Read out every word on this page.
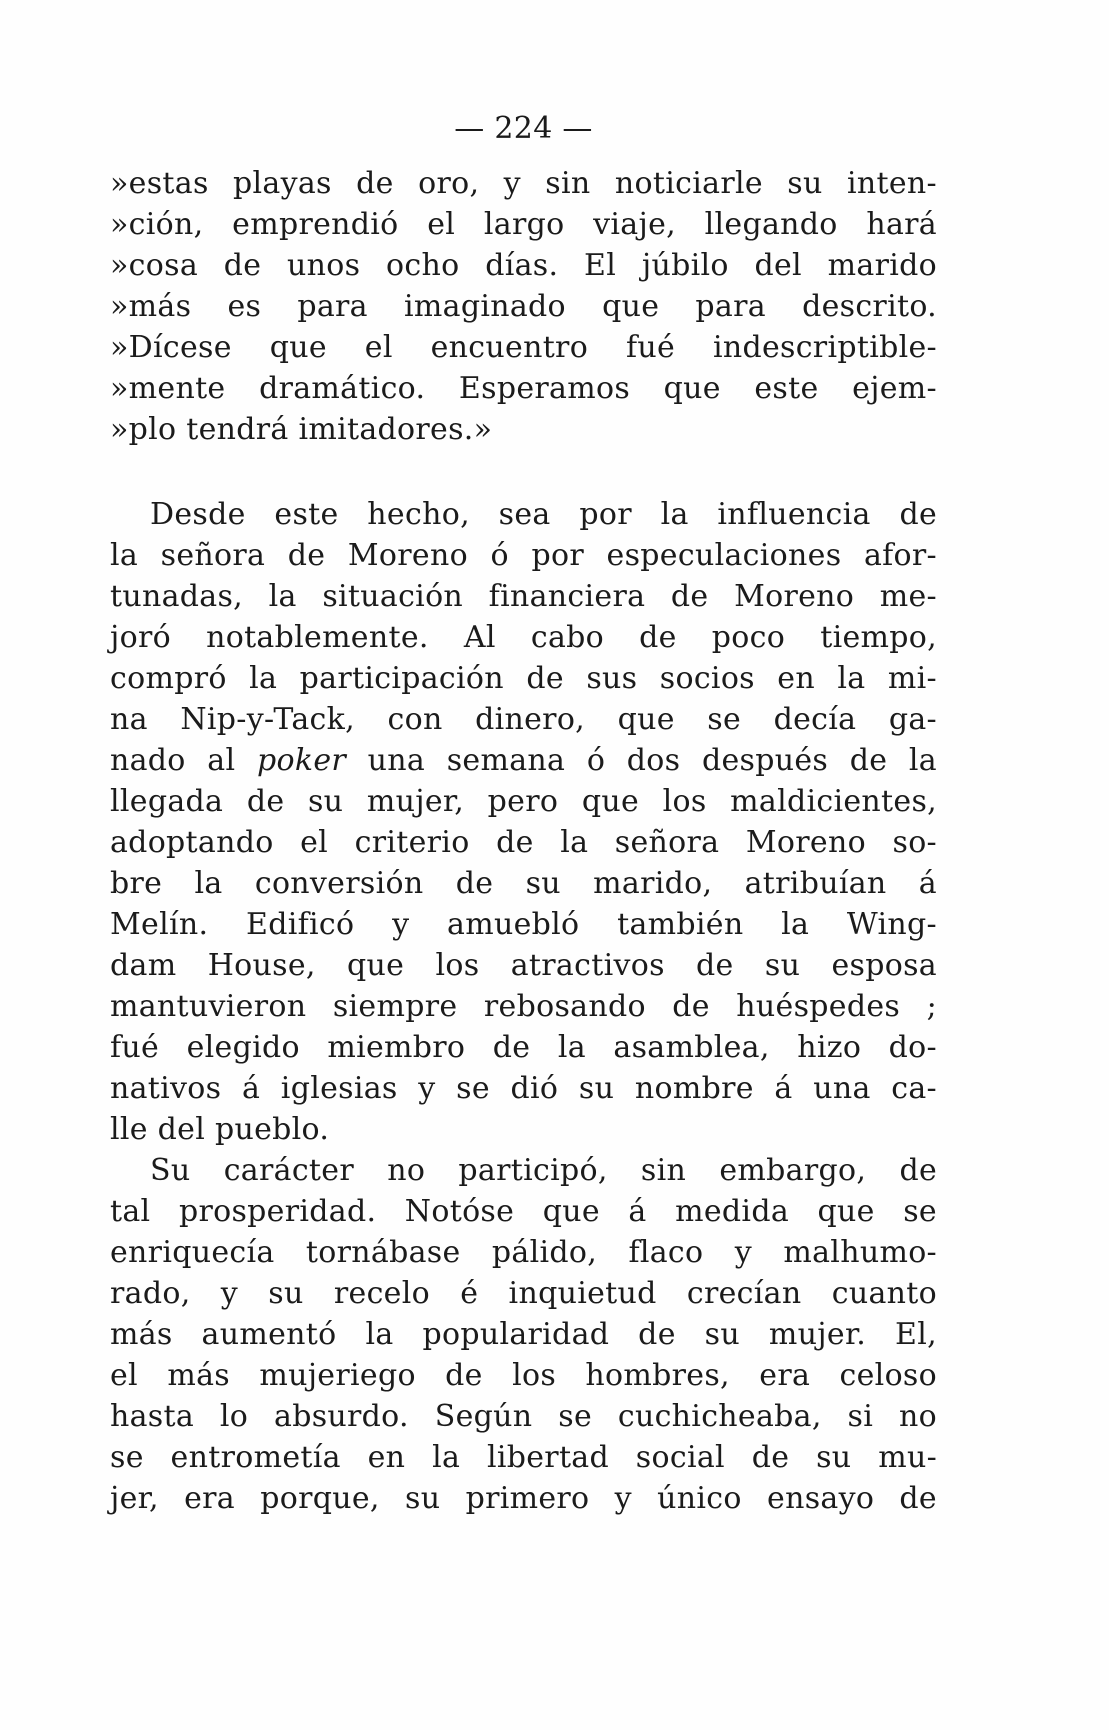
— 224 —
»estas playas de oro, y sin noticiarle su inten-
»ción, emprendió el largo viaje, llegando hará
»cosa de unos ocho días. El júbilo del marido
»más es para imaginado que para descrito.
»Dícese que el encuentro fué indescriptible-
»mente dramático. Esperamos que este ejem-
»plo tendrá imitadores.»
Desde este hecho, sea por la influencia de
la señora de Moreno ó por especulaciones afor-
tunadas, la situación financiera de Moreno me-
joró notablemente. Al cabo de poco tiempo,
compró la participación de sus socios en la mi-
na Nip-y-Tack, con dinero, que se decía ga-
nado al poker una semana ó dos después de la
llegada de su mujer, pero que los maldicientes,
adoptando el criterio de la señora Moreno so-
bre la conversión de su marido, atribuían á
Melín. Edificó y amuebló también la Wing-
dam House, que los atractivos de su esposa
mantuvieron siempre rebosando de huéspedes ;
fué elegido miembro de la asamblea, hizo do-
nativos á iglesias y se dió su nombre á una ca-
lle del pueblo.
Su carácter no participó, sin embargo, de
tal prosperidad. Notóse que á medida que se
enriquecía tornábase pálido, flaco y malhumo-
rado, y su recelo é inquietud crecían cuanto
más aumentó la popularidad de su mujer. El,
el más mujeriego de los hombres, era celoso
hasta lo absurdo. Según se cuchicheaba, si no
se entrometía en la libertad social de su mu-
jer, era porque, su primero y único ensayo de
